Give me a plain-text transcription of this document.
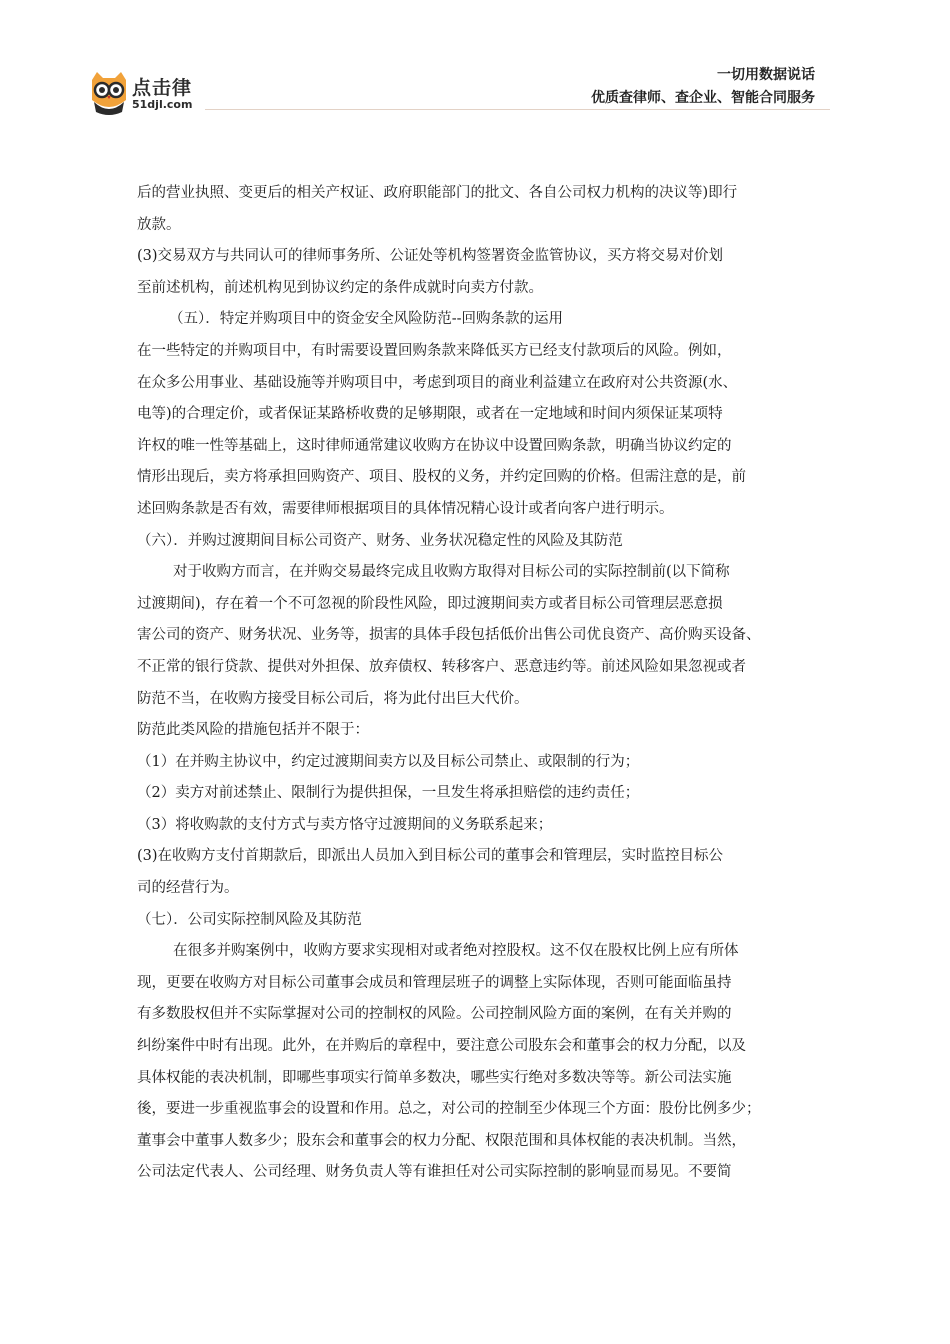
点击律
51djl.com
一切用数据说话
优质查律师、查企业、智能合同服务

后的营业执照、变更后的相关产权证、政府职能部门的批文、各自公司权力机构的决议等)即行

放款。

(3)交易双方与共同认可的律师事务所、公证处等机构签署资金监管协议，买方将交易对价划

至前述机构，前述机构见到协议约定的条件成就时向卖方付款。

（五）．特定并购项目中的资金安全风险防范--回购条款的运用

在一些特定的并购项目中，有时需要设置回购条款来降低买方已经支付款项后的风险。例如，

在众多公用事业、基础设施等并购项目中，考虑到项目的商业利益建立在政府对公共资源(水、

电等)的合理定价，或者保证某路桥收费的足够期限，或者在一定地域和时间内须保证某项特

许权的唯一性等基础上，这时律师通常建议收购方在协议中设置回购条款，明确当协议约定的

情形出现后，卖方将承担回购资产、项目、股权的义务，并约定回购的价格。但需注意的是，前

述回购条款是否有效，需要律师根据项目的具体情况精心设计或者向客户进行明示。

（六）．并购过渡期间目标公司资产、财务、业务状况稳定性的风险及其防范

对于收购方而言，在并购交易最终完成且收购方取得对目标公司的实际控制前(以下简称

过渡期间)，存在着一个不可忽视的阶段性风险，即过渡期间卖方或者目标公司管理层恶意损

害公司的资产、财务状况、业务等，损害的具体手段包括低价出售公司优良资产、高价购买设备、

不正常的银行贷款、提供对外担保、放弃债权、转移客户、恶意违约等。前述风险如果忽视或者

防范不当，在收购方接受目标公司后，将为此付出巨大代价。

防范此类风险的措施包括并不限于：

（1）在并购主协议中，约定过渡期间卖方以及目标公司禁止、或限制的行为；

（2）卖方对前述禁止、限制行为提供担保，一旦发生将承担赔偿的违约责任；

（3）将收购款的支付方式与卖方恪守过渡期间的义务联系起来；

(3)在收购方支付首期款后，即派出人员加入到目标公司的董事会和管理层，实时监控目标公

司的经营行为。

（七）．公司实际控制风险及其防范

在很多并购案例中，收购方要求实现相对或者绝对控股权。这不仅在股权比例上应有所体

现，更要在收购方对目标公司董事会成员和管理层班子的调整上实际体现，否则可能面临虽持

有多数股权但并不实际掌握对公司的控制权的风险。公司控制风险方面的案例，在有关并购的

纠纷案件中时有出现。此外，在并购后的章程中，要注意公司股东会和董事会的权力分配，以及

具体权能的表决机制，即哪些事项实行简单多数决，哪些实行绝对多数决等等。新公司法实施

後，要进一步重视监事会的设置和作用。总之，对公司的控制至少体现三个方面：股份比例多少；

董事会中董事人数多少；股东会和董事会的权力分配、权限范围和具体权能的表决机制。当然，

公司法定代表人、公司经理、财务负责人等有谁担任对公司实际控制的影响显而易见。不要简
